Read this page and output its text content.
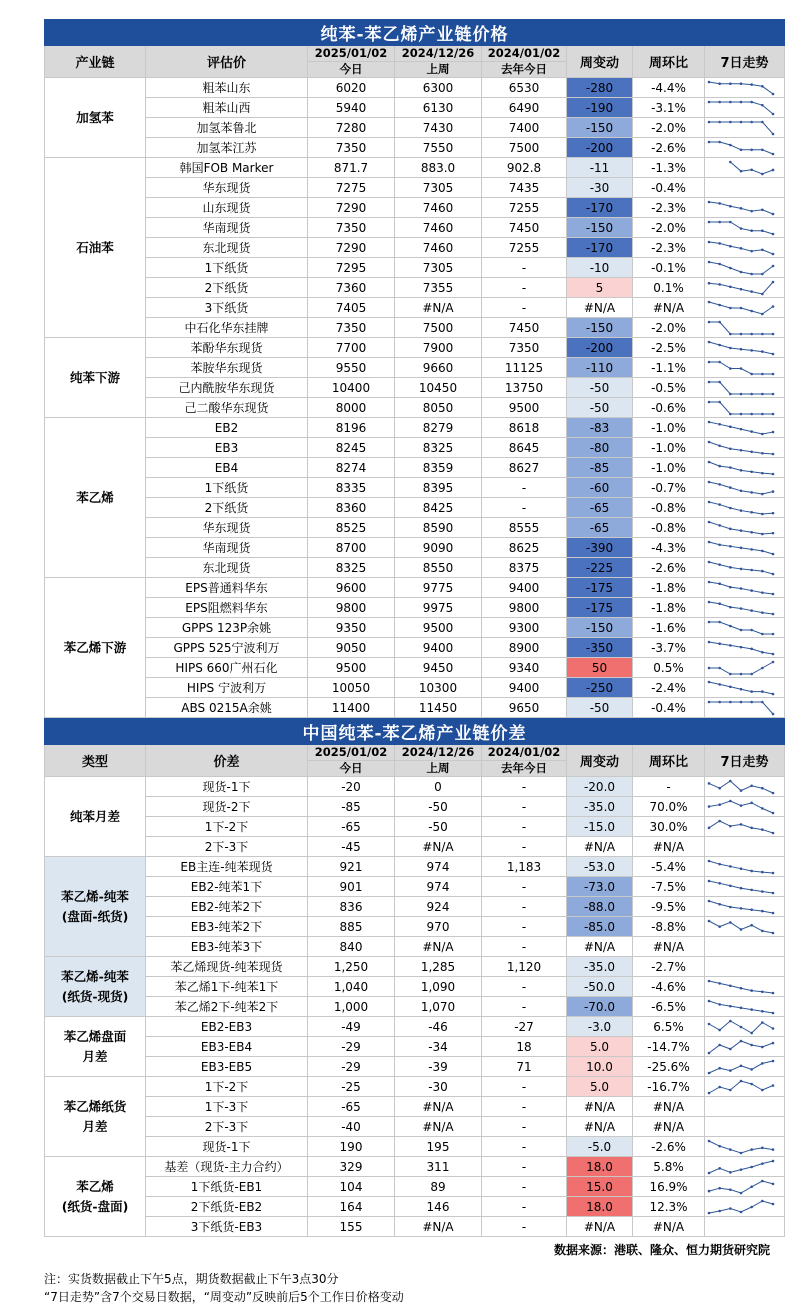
纯苯-苯乙烯产业链价格							
产业链	评估价	2025/01/02	2024/12/26	2024/01/02	周变动	周环比	7日走势
		今日	上周	去年今日			
加氢苯	粗苯山东	6020	6300	6530	-280	-4.4%	

	粗苯山西	5940	6130	6490	-190	-3.1%	

	加氢苯鲁北	7280	7430	7400	-150	-2.0%	

	加氢苯江苏	7350	7550	7500	-200	-2.6%	

石油苯	韩国FOB Marker	871.7	883.0	902.8	-11	-1.3%	

	华东现货	7275	7305	7435	-30	-0.4%	

	山东现货	7290	7460	7255	-170	-2.3%	

	华南现货	7350	7460	7450	-150	-2.0%	

	东北现货	7290	7460	7255	-170	-2.3%	

	1下纸货	7295	7305	-	-10	-0.1%	

	2下纸货	7360	7355	-	5	0.1%	

	3下纸货	7405	#N/A	-	#N/A	#N/A	

	中石化华东挂牌	7350	7500	7450	-150	-2.0%	

纯苯下游	苯酚华东现货	7700	7900	7350	-200	-2.5%	

	苯胺华东现货	9550	9660	11125	-110	-1.1%	

	己内酰胺华东现货	10400	10450	13750	-50	-0.5%	

	己二酸华东现货	8000	8050	9500	-50	-0.6%	

苯乙烯	EB2	8196	8279	8618	-83	-1.0%	

	EB3	8245	8325	8645	-80	-1.0%	

	EB4	8274	8359	8627	-85	-1.0%	

	1下纸货	8335	8395	-	-60	-0.7%	

	2下纸货	8360	8425	-	-65	-0.8%	

	华东现货	8525	8590	8555	-65	-0.8%	

	华南现货	8700	9090	8625	-390	-4.3%	

	东北现货	8325	8550	8375	-225	-2.6%	

苯乙烯下游	EPS普通料华东	9600	9775	9400	-175	-1.8%	

	EPS阻燃料华东	9800	9975	9800	-175	-1.8%	

	GPPS 123P余姚	9350	9500	9300	-150	-1.6%	

	GPPS 525宁波利万	9050	9400	8900	-350	-3.7%	

	HIPS 660广州石化	9500	9450	9340	50	0.5%	

	HIPS 宁波利万	10050	10300	9400	-250	-2.4%	

	ABS 0215A余姚	11400	11450	9650	-50	-0.4%	
中国纯苯-苯乙烯产业链价差							
类型	价差	2025/01/02	2024/12/26	2024/01/02	周变动	周环比	7日走势
		今日	上周	去年今日			
纯苯月差	现货-1下	-20	0	-	-20.0	-	

	现货-2下	-85	-50	-	-35.0	70.0%	

	1下-2下	-65	-50	-	-15.0	30.0%	

	2下-3下	-45	#N/A	-	#N/A	#N/A	

苯乙烯-纯苯
(盘面-纸货)	EB主连-纯苯现货	921	974	1,183	-53.0	-5.4%	

	EB2-纯苯1下	901	974	-	-73.0	-7.5%	

	EB2-纯苯2下	836	924	-	-88.0	-9.5%	

	EB3-纯苯2下	885	970	-	-85.0	-8.8%	

	EB3-纯苯3下	840	#N/A	-	#N/A	#N/A	

苯乙烯-纯苯
(纸货-现货)	苯乙烯现货-纯苯现货	1,250	1,285	1,120	-35.0	-2.7%	

	苯乙烯1下-纯苯1下	1,040	1,090	-	-50.0	-4.6%	

	苯乙烯2下-纯苯2下	1,000	1,070	-	-70.0	-6.5%	

苯乙烯盘面
月差	EB2-EB3	-49	-46	-27	-3.0	6.5%	

	EB3-EB4	-29	-34	18	5.0	-14.7%	

	EB3-EB5	-29	-39	71	10.0	-25.6%	

苯乙烯纸货
月差	1下-2下	-25	-30	-	5.0	-16.7%	

	1下-3下	-65	#N/A	-	#N/A	#N/A	

	2下-3下	-40	#N/A	-	#N/A	#N/A	

	现货-1下	190	195	-	-5.0	-2.6%	

苯乙烯
(纸货-盘面)	基差（现货-主力合约）	329	311	-	18.0	5.8%	

	1下纸货-EB1	104	89	-	15.0	16.9%	

	2下纸货-EB2	164	146	-	18.0	12.3%	

	3下纸货-EB3	155	#N/A	-	#N/A	#N/A	
数据来源：港联、隆众、恒力期货研究院
注：实货数据截止下午5点，期货数据截止下午3点30分
“7日走势”含7个交易日数据，“周变动”反映前后5个工作日价格变动
